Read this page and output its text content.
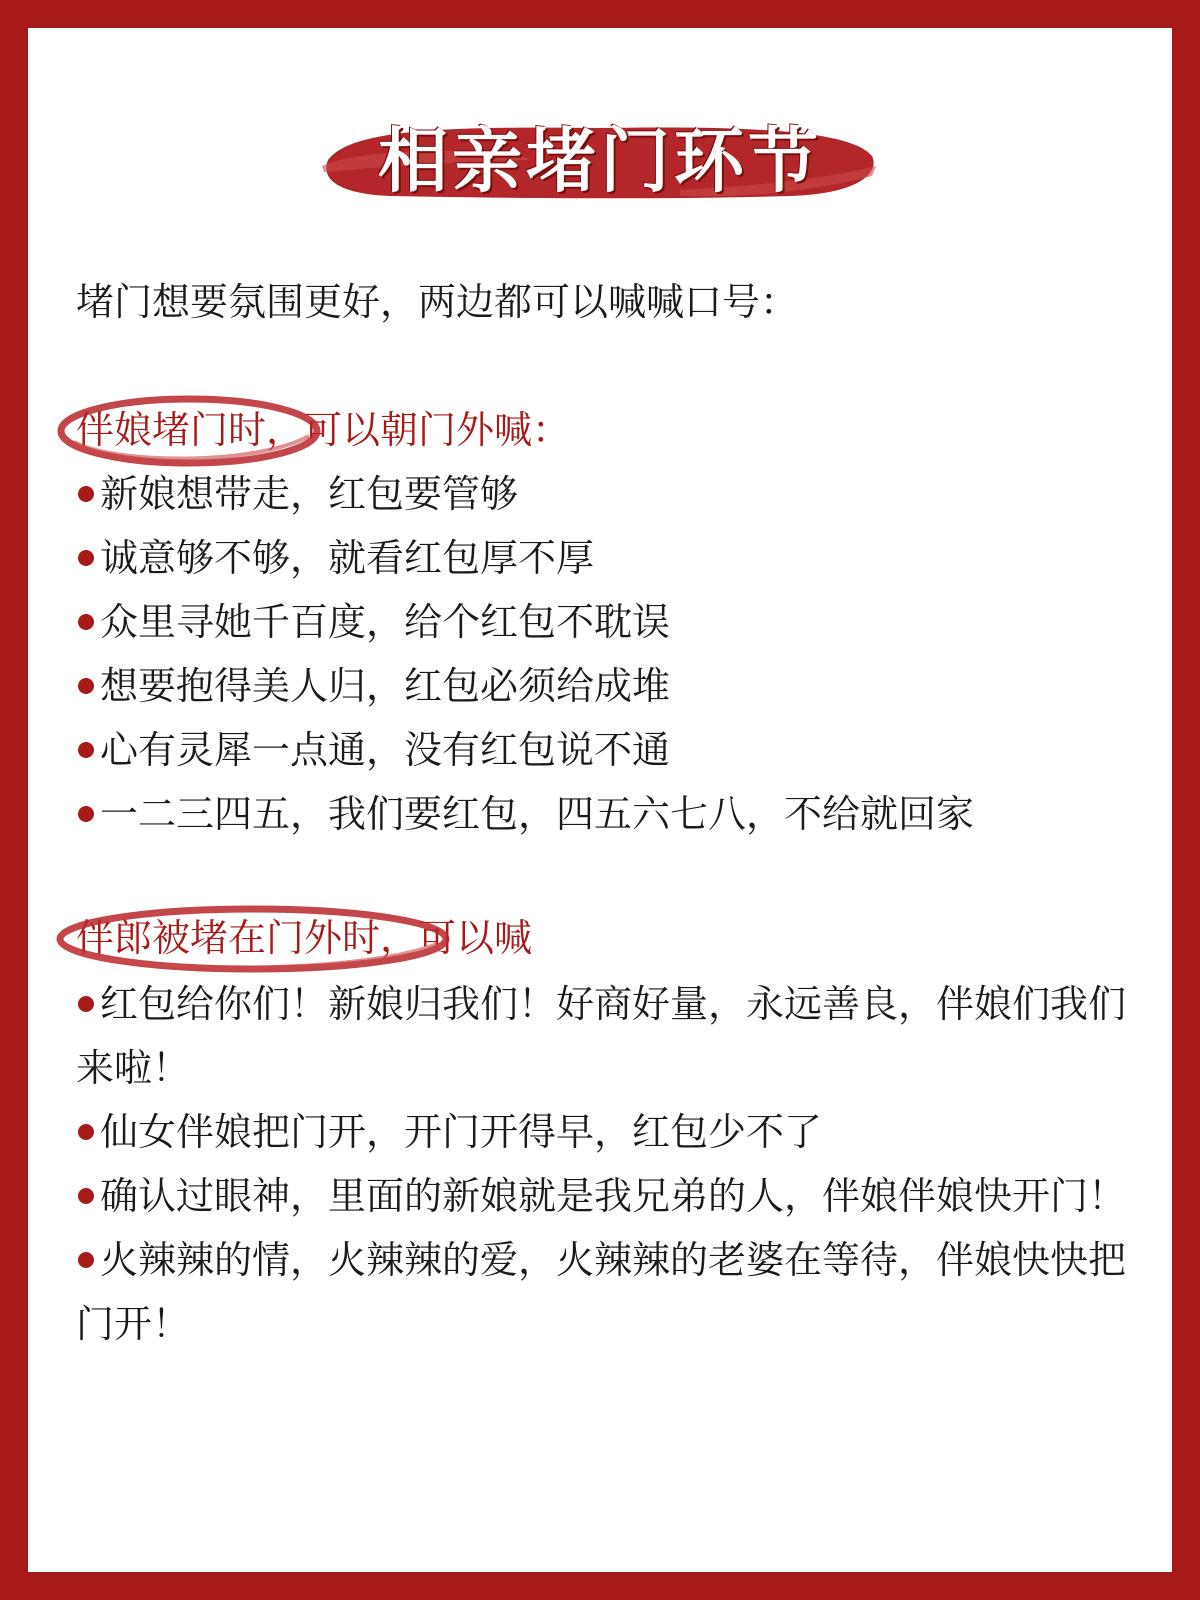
相亲堵门环节
堵门想要氛围更好，两边都可以喊喊口号：
伴娘堵门时，可以朝门外喊：
新娘想带走，红包要管够
诚意够不够，就看红包厚不厚
众里寻她千百度，给个红包不耽误
想要抱得美人归，红包必须给成堆
心有灵犀一点通，没有红包说不通
一二三四五，我们要红包，四五六七八，不给就回家
伴郎被堵在门外时，可以喊
红包给你们！新娘归我们！好商好量，永远善良，伴娘们我们来啦！
仙女伴娘把门开，开门开得早，红包少不了
确认过眼神，里面的新娘就是我兄弟的人，伴娘伴娘快开门！
火辣辣的情，火辣辣的爱，火辣辣的老婆在等待，伴娘快快把门开！
